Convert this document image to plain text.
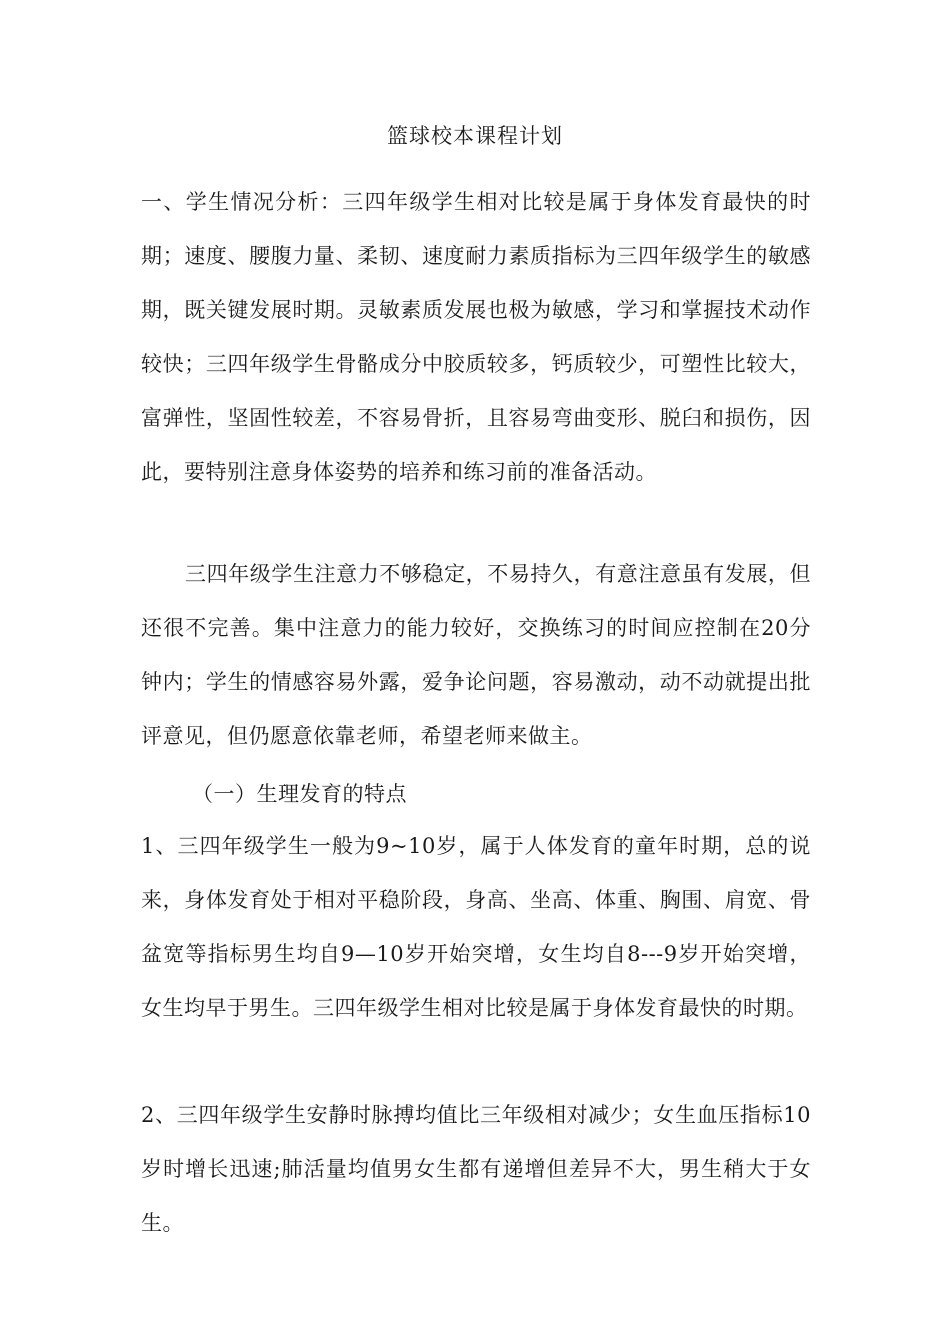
篮球校本课程计划

一、学生情况分析：三四年级学生相对比较是属于身体发育最快的时期；速度、腰腹力量、柔韧、速度耐力素质指标为三四年级学生的敏感期，既关键发展时期。灵敏素质发展也极为敏感，学习和掌握技术动作较快；三四年级学生骨骼成分中胶质较多，钙质较少，可塑性比较大，富弹性，坚固性较差，不容易骨折，且容易弯曲变形、脱臼和损伤，因此，要特别注意身体姿势的培养和练习前的准备活动。

三四年级学生注意力不够稳定，不易持久，有意注意虽有发展，但还很不完善。集中注意力的能力较好，交换练习的时间应控制在20分钟内；学生的情感容易外露，爱争论问题，容易激动，动不动就提出批评意见，但仍愿意依靠老师，希望老师来做主。

（一）生理发育的特点

1、三四年级学生一般为9~10岁，属于人体发育的童年时期，总的说来，身体发育处于相对平稳阶段，身高、坐高、体重、胸围、肩宽、骨盆宽等指标男生均自9—10岁开始突增，女生均自8---9岁开始突增，女生均早于男生。三四年级学生相对比较是属于身体发育最快的时期。

2、三四年级学生安静时脉搏均值比三年级相对减少；女生血压指标10岁时增长迅速;肺活量均值男女生都有递增但差异不大，男生稍大于女生。
